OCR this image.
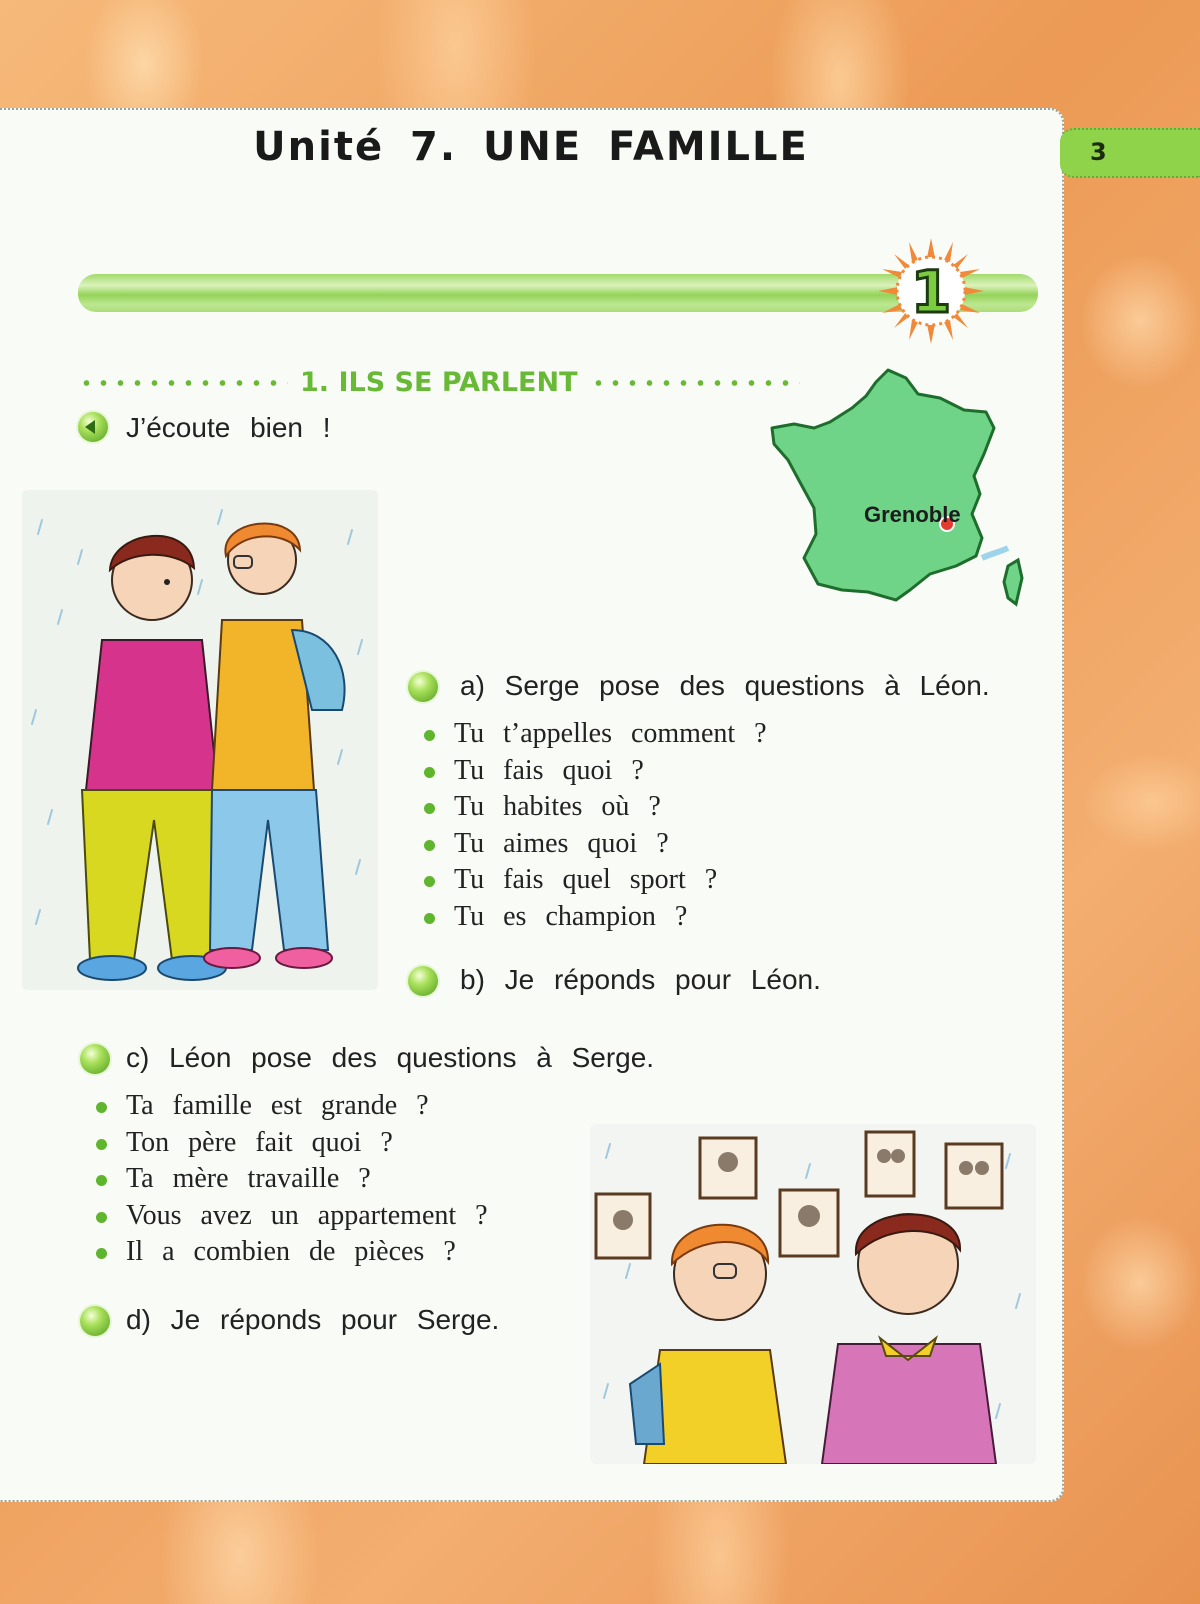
3
Unité 7. UNE FAMILLE
1
1. ILS SE PARLENT
J’écoute bien !
Grenoble
a) Serge pose des questions à Léon.
Tu t’appelles comment ?
Tu fais quoi ?
Tu habites où ?
Tu aimes quoi ?
Tu fais quel sport ?
Tu es champion ?
b) Je réponds pour Léon.
c) Léon pose des questions à Serge.
Ta famille est grande ?
Ton père fait quoi ?
Ta mère travaille ?
Vous avez un appartement ?
Il a combien de pièces ?
d) Je réponds pour Serge.
